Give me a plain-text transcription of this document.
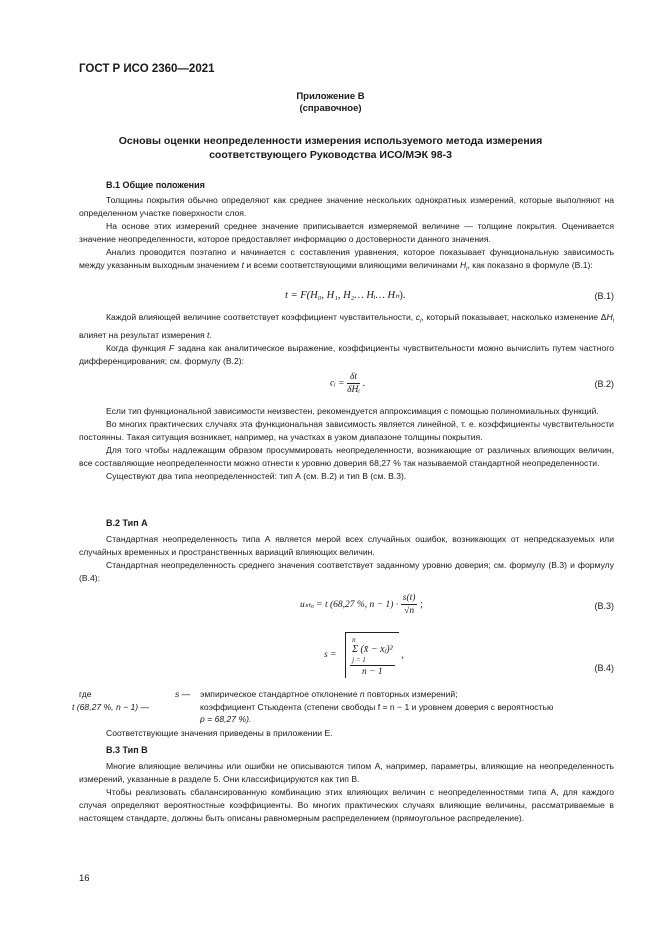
ГОСТ Р ИСО 2360—2021
Приложение В
(справочное)
Основы оценки неопределенности измерения используемого метода измерения
соответствующего Руководства ИСО/МЭК 98-3
В.1 Общие положения

Толщины покрытия обычно определяют как среднее значение нескольких однократных измерений, которые выполняют на определенном участке поверхности слоя.

На основе этих измерений среднее значение приписывается измеряемой величине — толщине покрытия. Оценивается значение неопределенности, которое предоставляет информацию о достоверности данного значения.

Анализ проводится поэтапно и начинается с составления уравнения, которое показывает функциональную зависимость между указанным выходным значением t и всеми соответствующими влияющими величинами $H_i$, как показано в формуле (В.1):

t = F(H₀, H₁, H₂… Hᵢ… Hₙ).	(В.1)

Каждой влияющей величине соответствует коэффициент чувствительности, $c_i$, который показывает, насколько изменение $\Delta H_i$ влияет на результат измерения t.

Когда функция F задана как аналитическое выражение, коэффициенты чувствительности можно вычислить путем частного дифференцирования; см. формулу (В.2):

cᵢ = $\frac{\delta t}{\text{δHᵢ}}$ .	(В.2)

Если тип функциональной зависимости неизвестен, рекомендуется аппроксимация с помощью полиномиальных функций.

Во многих практических случаях эта функциональная зависимость является линейной, т. е. коэффициенты чувствительности постоянны. Такая ситуация возникает, например, на участках в узком диапазоне толщины покрытия.

Для того чтобы надлежащим образом просуммировать неопределенности, возникающие от различных влияющих величин, все составляющие неопределенности можно отнести к уровню доверия 68,27 % так называемой стандартной неопределенности.

Существуют два типа неопределенностей: тип А (см. В.2) и тип В (см. В.3).

В.2 Тип А

Стандартная неопределенность типа А является мерой всех случайных ошибок, возникающих от непредсказуемых или случайных временных и пространственных вариаций влияющих величин.

Стандартная неопределенность среднего значения соответствует заданному уровню доверия; см. формулу (В.3) и формулу (В.4):

uₛₜₒ = t (68,27 %, $n - 1) \cdot \frac{s(t)}{√n}$ ;	(В.3)
s = n
Σ (x̄ − xⱼ)²
j = 1
n − 1 ,
(В.4)
где	s — эмпирическое стандартное отклонение n повторных измерений;
t (68,27 %, n − 1) —	коэффициент Стьюдента (степени свободы f = n − 1 и уровнем доверия с вероятностью
p = 68,27 %).

Соответствующие значения приведены в приложении Е.

В.3 Тип В

Многие влияющие величины или ошибки не описываются типом А, например, параметры, влияющие на неопределенность измерений, указанные в разделе 5. Они классифицируются как тип В.

Чтобы реализовать сбалансированную комбинацию этих влияющих величин с неопределенностями типа А, для каждого случая определяют вероятностные коэффициенты. Во многих практических случаях влияющие величины, рассматриваемые в настоящем стандарте, должны быть описаны равномерным распределением (прямоугольное распределение).

16
